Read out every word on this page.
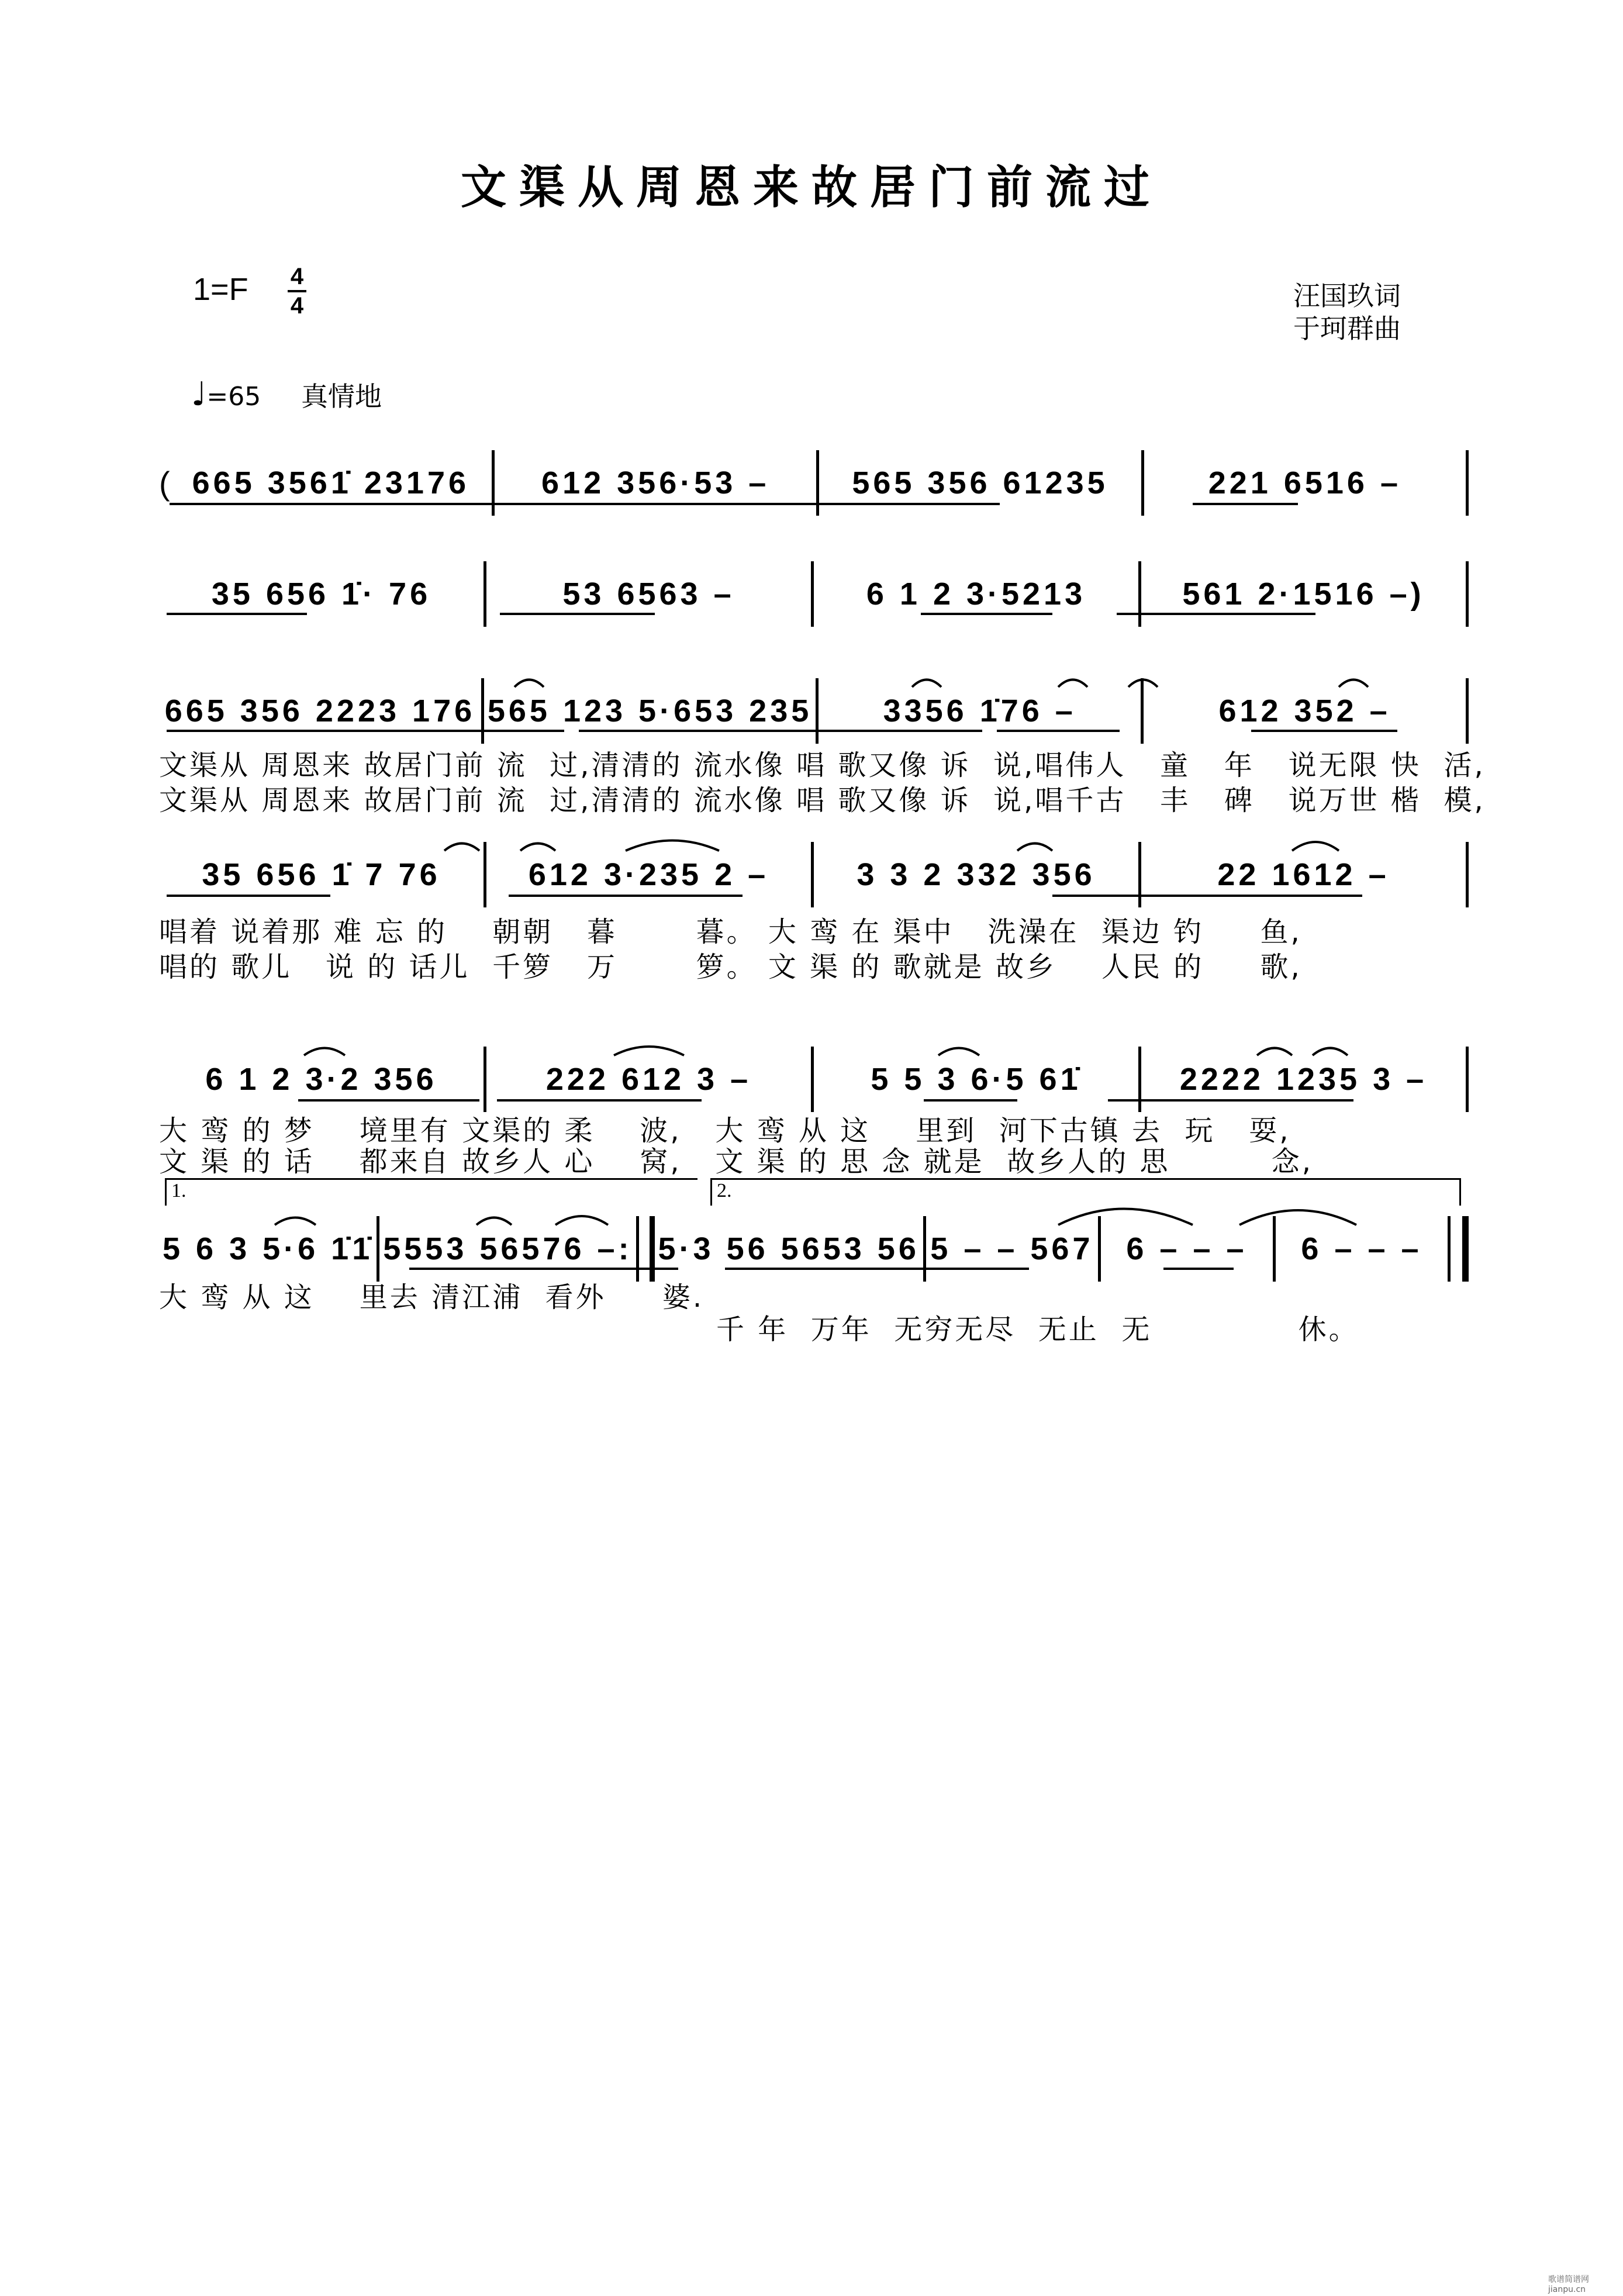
文渠从周恩来故居门前流过
1=F 4
4	汪国玖词
于珂群曲
♩=65 真情地
( 665 3561̇ 23176	612 356·53 –	565 356 61235	221 6516 –
35 656 1̇· 76	53 6563 –	6 1 2 3·5213	561 2·1516 –)
665 356 2223 176 565 123 5·653 235	3356 1̇76 –	612 352 –
文渠从 周恩来 故居门前 流  过,清清的 流水像 唱 歌又像 诉  说,唱伟人   童   年   说无限 快  活,
文渠从 周恩来 故居门前 流  过,清清的 流水像 唱 歌又像 诉  说,唱千古   丰   碑   说万世 楷  模,
35 656 1̇ 7 76	612 3·235 2 –	3 3 2 332 356	22 1612 –
唱着 说着那 难 忘 的    朝朝   暮       暮。 大 鸾 在 渠中   洗澡在  渠边 钓     鱼,
唱的 歌儿   说 的 话儿  千箩   万       箩。 文 渠 的 歌就是 故乡    人民 的     歌,
6 1 2 3·2 356	222 612 3 –	5 5 3 6·5 61̇	2222 1235 3 –
大 鸾 的 梦    境里有 文渠的 柔    波,   大 鸾 从 这    里到  河下古镇 去  玩   耍,
文 渠 的 话    都来自 故乡人 心    窝,   文 渠 的 思 念 就是  故乡人的 思         念,
1.	2.
5 6 3 5·6 1̇1̇ 5553 56576 –: 5·3 56 5653 56 5 – – 567	6 – – –	6 – – –
大 鸾 从 这    里去 清江浦  看外     婆.
千 年  万年  无穷无尽  无止  无             休。
歌谱简谱网 jianpu.cn
